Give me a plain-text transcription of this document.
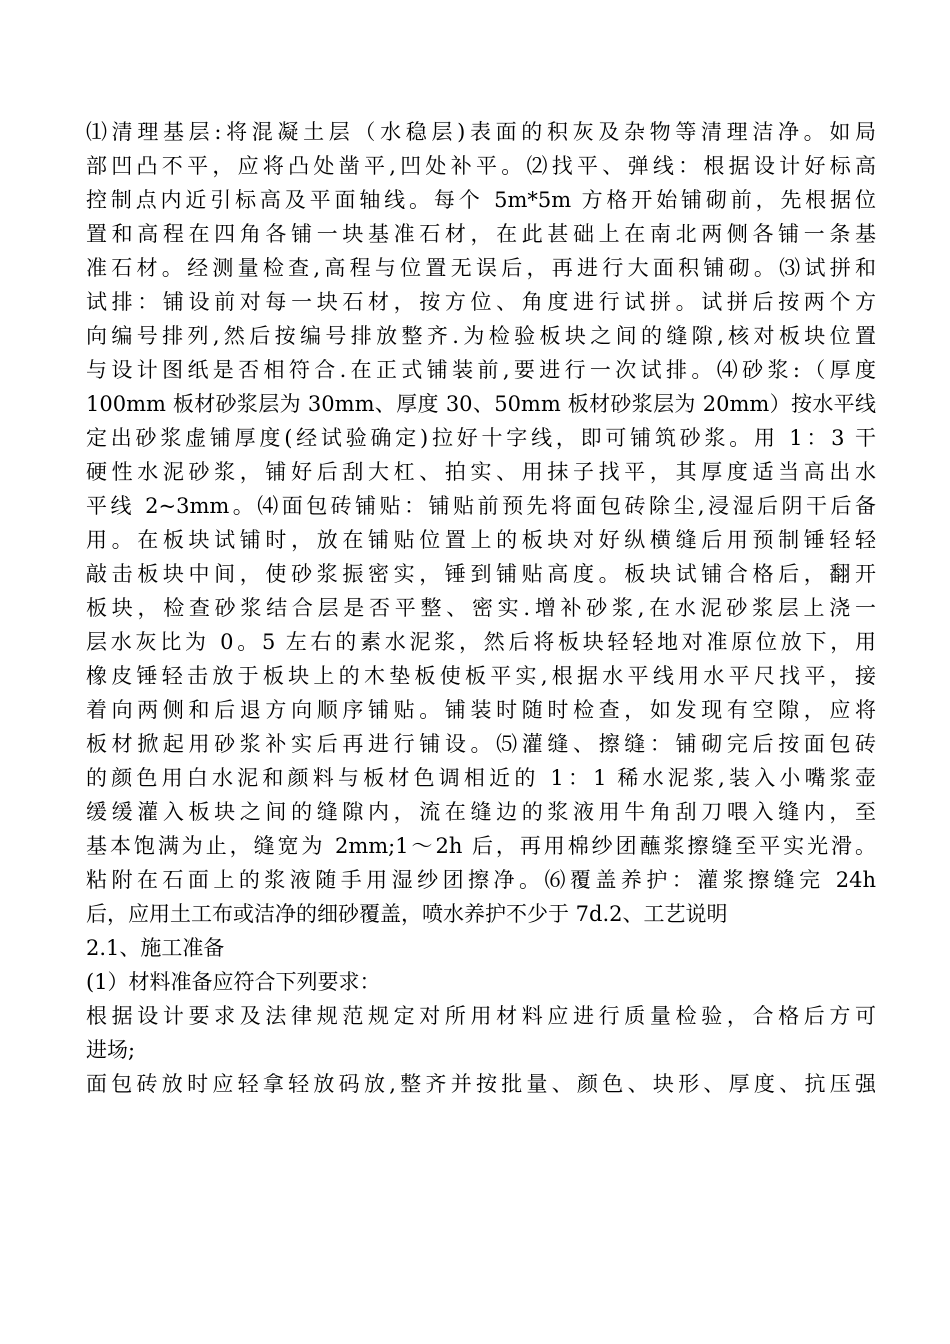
⑴清理基层:将混凝土层（水稳层)表面的积灰及杂物等清理洁净。如局
部凹凸不平，应将凸处凿平,凹处补平。⑵找平、弹线：根据设计好标高
控制点内近引标高及平面轴线。每个 5m*5m 方格开始铺砌前，先根据位
置和高程在四角各铺一块基准石材，在此甚础上在南北两侧各铺一条基
准石材。经测量检查,高程与位置无误后，再进行大面积铺砌。⑶试拼和
试排：铺设前对每一块石材，按方位、角度进行试拼。试拼后按两个方
向编号排列,然后按编号排放整齐.为检验板块之间的缝隙,核对板块位置
与设计图纸是否相符合.在正式铺装前,要进行一次试排。⑷砂浆:（厚度
100mm 板材砂浆层为 30mm、厚度 30、50mm 板材砂浆层为 20mm）按水平线
定出砂浆虚铺厚度(经试验确定)拉好十字线，即可铺筑砂浆。用 1：3 干
硬性水泥砂浆，铺好后刮大杠、拍实、用抹子找平，其厚度适当高出水
平线 2~3mm。⑷面包砖铺贴：铺贴前预先将面包砖除尘,浸湿后阴干后备
用。在板块试铺时，放在铺贴位置上的板块对好纵横缝后用预制锤轻轻
敲击板块中间，使砂浆振密实，锤到铺贴高度。板块试铺合格后，翻开
板块，检查砂浆结合层是否平整、密实.增补砂浆,在水泥砂浆层上浇一
层水灰比为 0。5 左右的素水泥浆，然后将板块轻轻地对准原位放下，用
橡皮锤轻击放于板块上的木垫板使板平实,根据水平线用水平尺找平，接
着向两侧和后退方向顺序铺贴。铺装时随时检查，如发现有空隙，应将
板材掀起用砂浆补实后再进行铺设。⑸灌缝、擦缝：铺砌完后按面包砖
的颜色用白水泥和颜料与板材色调相近的 1：1 稀水泥浆,装入小嘴浆壶
缓缓灌入板块之间的缝隙内，流在缝边的浆液用牛角刮刀喂入缝内，至
基本饱满为止，缝宽为 2mm;1～2h 后，再用棉纱团蘸浆擦缝至平实光滑。
粘附在石面上的浆液随手用湿纱团擦净。⑹覆盖养护：灌浆擦缝完 24h
后，应用土工布或洁净的细砂覆盖，喷水养护不少于 7d.2、工艺说明
2.1、施工准备
(1）材料准备应符合下列要求：
根据设计要求及法律规范规定对所用材料应进行质量检验，合格后方可
进场;
面包砖放时应轻拿轻放码放,整齐并按批量、颜色、块形、厚度、抗压强
